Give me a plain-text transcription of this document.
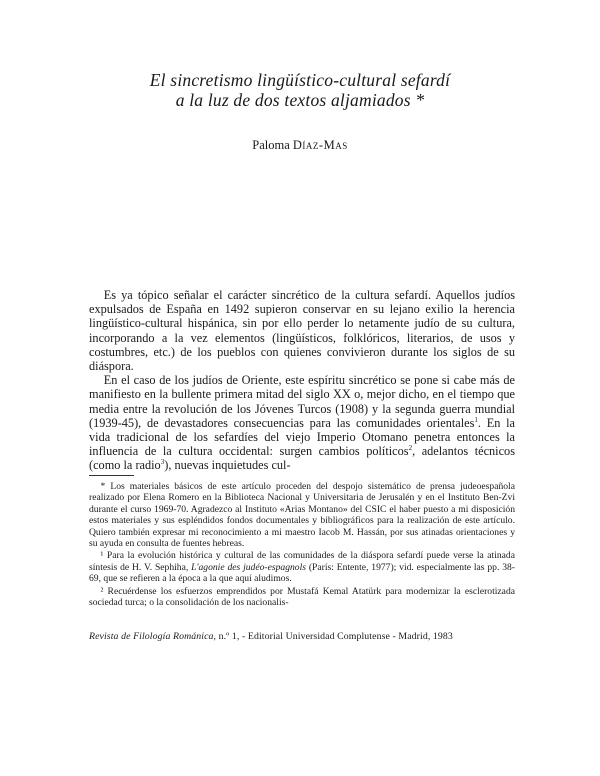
El sincretismo lingüístico-cultural sefardí
a la luz de dos textos aljamiados *
Paloma Díaz-Mas

Es ya tópico señalar el carácter sincrético de la cultura sefardí. Aquellos judíos expulsados de España en 1492 supieron conservar en su lejano exilio la herencia lingüístico-cultural hispánica, sin por ello perder lo netamente judío de su cultura, incorporando a la vez elementos (lingüísticos, folklóricos, literarios, de usos y costumbres, etc.) de los pueblos con quienes convivieron durante los siglos de su diáspora.

En el caso de los judíos de Oriente, este espíritu sincrético se pone si cabe más de manifiesto en la bullente primera mitad del siglo XX o, mejor dicho, en el tiempo que media entre la revolución de los Jóvenes Turcos (1908) y la segunda guerra mundial (1939-45), de devastadores consecuencias para las comunidades orientales$^1$. En la vida tradicional de los sefardíes del viejo Imperio Otomano penetra entonces la influencia de la cultura occidental: surgen cambios políticos$^2$, adelantos técnicos (como la radio$^3$), nuevas inquietudes cul-

* Los materiales básicos de este artículo proceden del despojo sistemático de prensa judeoespañola realizado por Elena Romero en la Biblioteca Nacional y Universitaria de Jerusalén y en el Instituto Ben-Zvi durante el curso 1969-70. Agradezco al Instituto «Arias Montano» del CSIC el haber puesto a mi disposición estos materiales y sus espléndidos fondos documentales y bibliográficos para la realización de este artículo. Quiero también expresar mi reconocimiento a mi maestro Iacob M. Hassán, por sus atinadas orientaciones y su ayuda en consulta de fuentes hebreas.

¹ Para la evolución histórica y cultural de las comunidades de la diáspora sefardí puede verse la atinada síntesis de H. V. Sephiha, L'agonie des judéo-espagnols (París: Entente, 1977); vid. especialmente las pp. 38-69, que se refieren a la época a la que aquí aludimos.

² Recuérdense los esfuerzos emprendidos por Mustafá Kemal Atatürk para modernizar la esclerotizada sociedad turca; o la consolidación de los nacionalis-

Revista de Filología Románica, n.º 1, - Editorial Universidad Complutense - Madrid, 1983
